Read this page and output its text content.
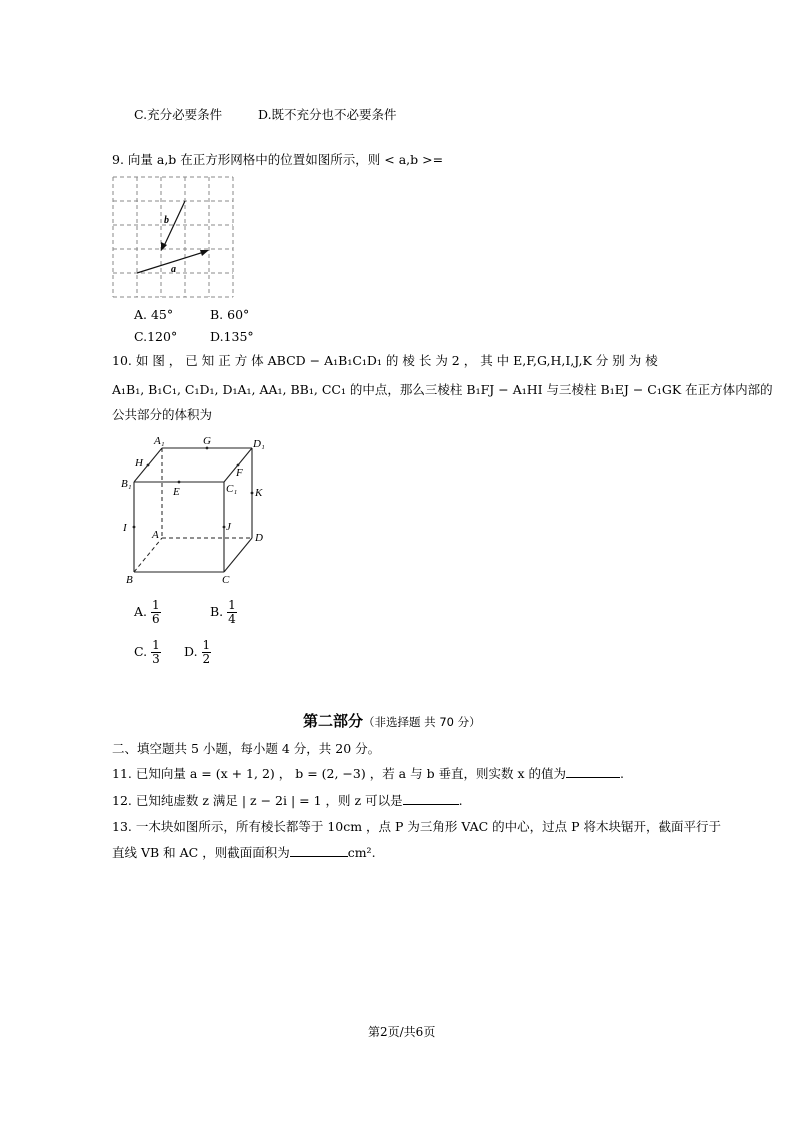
C.充分必要条件	D.既不充分也不必要条件
9. 向量 a,b 在正方形网格中的位置如图所示，则 < a,b >=
b
a
A. 45°	B. 60°
C.120°	D.135°
10. 如 图 ， 已 知 正 方 体 ABCD − A₁B₁C₁D₁ 的 棱 长 为 2 ， 其 中 E,F,G,H,I,J,K 分 别 为 棱
A₁B₁, B₁C₁, C₁D₁, D₁A₁, AA₁, BB₁, CC₁ 的中点，那么三棱柱 B₁FJ − A₁HI 与三棱柱 B₁EJ − C₁GK 在正方体内部的
公共部分的体积为
A₁	G	D₁
H
F
B₁
E	C₁ K
I	J
A	D
B	C
A. $\frac{1}{6}$	B. $\frac{1}{4}$
C. $\frac{1}{3} D$. $\frac{1}{2}$
第二部分（非选择题 共 70 分）
二、填空题共 5 小题，每小题 4 分，共 20 分。
11. 已知向量 a = (x + 1, 2) ， b = (2, −3) ，若 a 与 b 垂直，则实数 x 的值为	.
12. 已知纯虚数 z 满足 | z − 2i | = 1 ，则 z 可以是	.
13. 一木块如图所示，所有棱长都等于 10cm ，点 P 为三角形 VAC 的中心，过点 P 将木块锯开，截面平行于
直线 VB 和 AC ，则截面面积为	cm².
第2页/共6页
